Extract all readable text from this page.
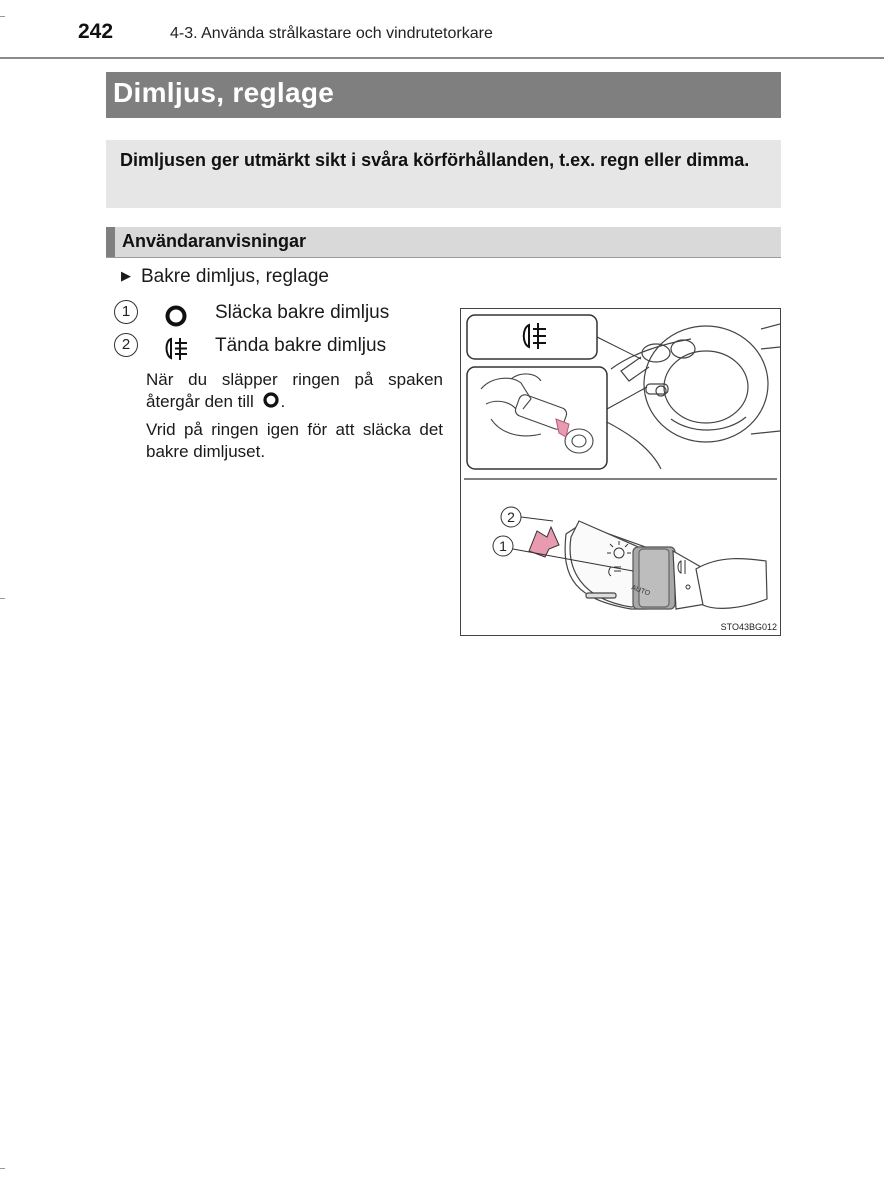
242	4-3. Använda strålkastare och vindrutetorkare
Dimljus, reglage

Dimljusen ger utmärkt sikt i svåra körförhållanden, t.ex. regn eller dimma.

Användaranvisningar
▶ Bakre dimljus, reglage
1	Släcka bakre dimljus
2	Tända bakre dimljus
När du släpper ringen på spaken återgår den till .
Vrid på ringen igen för att släcka det bakre dimljuset.
AUTO
2
1
STO43BG012
